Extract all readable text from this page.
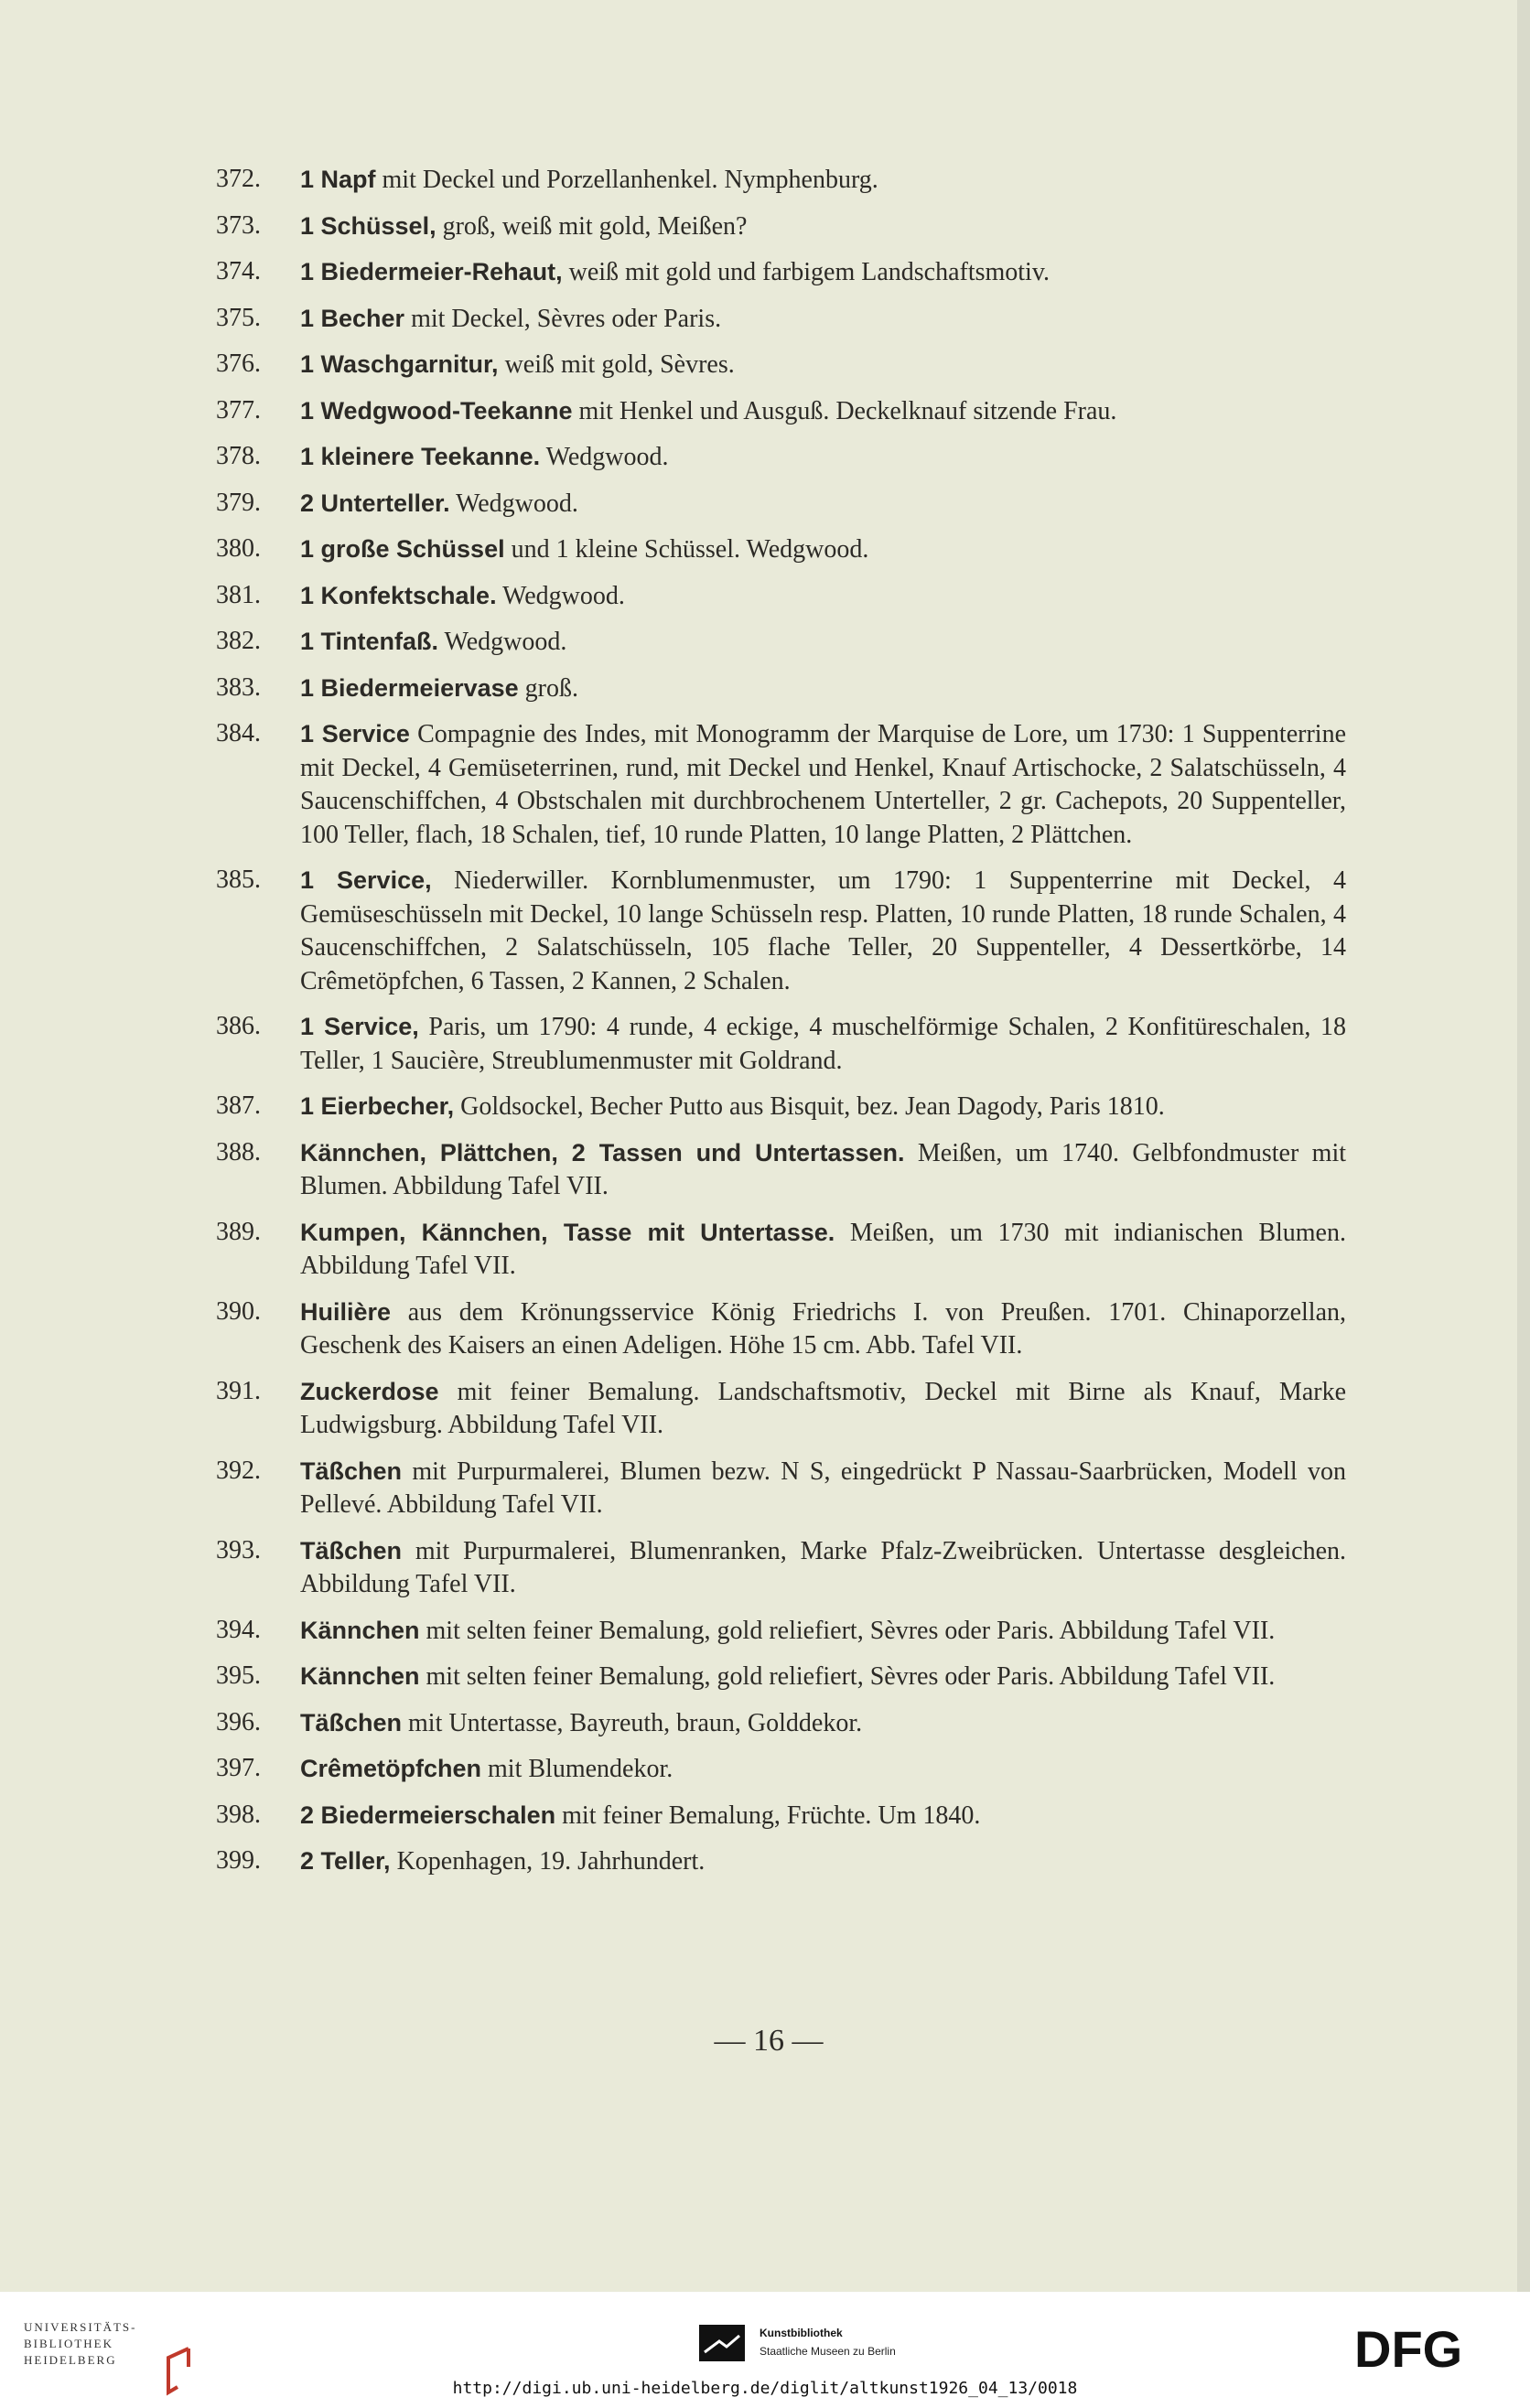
372.	1 Napf mit Deckel und Porzellanhenkel. Nymphenburg.
373.	1 Schüssel, groß, weiß mit gold, Meißen?
374.	1 Biedermeier-Rehaut, weiß mit gold und farbigem Landschaftsmotiv.
375.	1 Becher mit Deckel, Sèvres oder Paris.
376.	1 Waschgarnitur, weiß mit gold, Sèvres.
377.	1 Wedgwood-Teekanne mit Henkel und Ausguß. Deckelknauf sitzende Frau.
378.	1 kleinere Teekanne. Wedgwood.
379.	2 Unterteller. Wedgwood.
380.	1 große Schüssel und 1 kleine Schüssel. Wedgwood.
381.	1 Konfektschale. Wedgwood.
382.	1 Tintenfaß. Wedgwood.
383.	1 Biedermeiervase groß.
384.	1 Service Compagnie des Indes, mit Monogramm der Marquise de Lore, um 1730: 1 Suppenterrine mit Deckel, 4 Gemüseterrinen, rund, mit Deckel und Henkel, Knauf Artischocke, 2 Salatschüsseln, 4 Saucenschiffchen, 4 Obstschalen mit durchbrochenem Unterteller, 2 gr. Cachepots, 20 Suppenteller, 100 Teller, flach, 18 Schalen, tief, 10 runde Platten, 10 lange Platten, 2 Plättchen.
385.	1 Service, Niederwiller. Kornblumenmuster, um 1790: 1 Suppenterrine mit Deckel, 4 Gemüseschüsseln mit Deckel, 10 lange Schüsseln resp. Platten, 10 runde Platten, 18 runde Schalen, 4 Saucenschiffchen, 2 Salatschüsseln, 105 flache Teller, 20 Suppenteller, 4 Dessertkörbe, 14 Crêmetöpfchen, 6 Tassen, 2 Kannen, 2 Schalen.
386.	1 Service, Paris, um 1790: 4 runde, 4 eckige, 4 muschelförmige Schalen, 2 Konfitüreschalen, 18 Teller, 1 Saucière, Streublumenmuster mit Goldrand.
387.	1 Eierbecher, Goldsockel, Becher Putto aus Bisquit, bez. Jean Dagody, Paris 1810.
388.	Kännchen, Plättchen, 2 Tassen und Untertassen. Meißen, um 1740. Gelbfondmuster mit Blumen. Abbildung Tafel VII.
389.	Kumpen, Kännchen, Tasse mit Untertasse. Meißen, um 1730 mit indianischen Blumen. Abbildung Tafel VII.
390.	Huilière aus dem Krönungsservice König Friedrichs I. von Preußen. 1701. Chinaporzellan, Geschenk des Kaisers an einen Adeligen. Höhe 15 cm. Abb. Tafel VII.
391.	Zuckerdose mit feiner Bemalung. Landschaftsmotiv, Deckel mit Birne als Knauf, Marke Ludwigsburg. Abbildung Tafel VII.
392.	Täßchen mit Purpurmalerei, Blumen bezw. N S, eingedrückt P Nassau-Saarbrücken, Modell von Pellevé. Abbildung Tafel VII.
393.	Täßchen mit Purpurmalerei, Blumenranken, Marke Pfalz-Zweibrücken. Untertasse desgleichen. Abbildung Tafel VII.
394.	Kännchen mit selten feiner Bemalung, gold reliefiert, Sèvres oder Paris. Abbildung Tafel VII.
395.	Kännchen mit selten feiner Bemalung, gold reliefiert, Sèvres oder Paris. Abbildung Tafel VII.
396.	Täßchen mit Untertasse, Bayreuth, braun, Golddekor.
397.	Crêmetöpfchen mit Blumendekor.
398.	2 Biedermeierschalen mit feiner Bemalung, Früchte. Um 1840.
399.	2 Teller, Kopenhagen, 19. Jahrhundert.
— 16 —
UNIVERSITÄTS-
BIBLIOTHEK
HEIDELBERG
Kunstbibliothek
Staatliche Museen zu Berlin	DFG
http://digi.ub.uni-heidelberg.de/diglit/altkunst1926_04_13/0018
